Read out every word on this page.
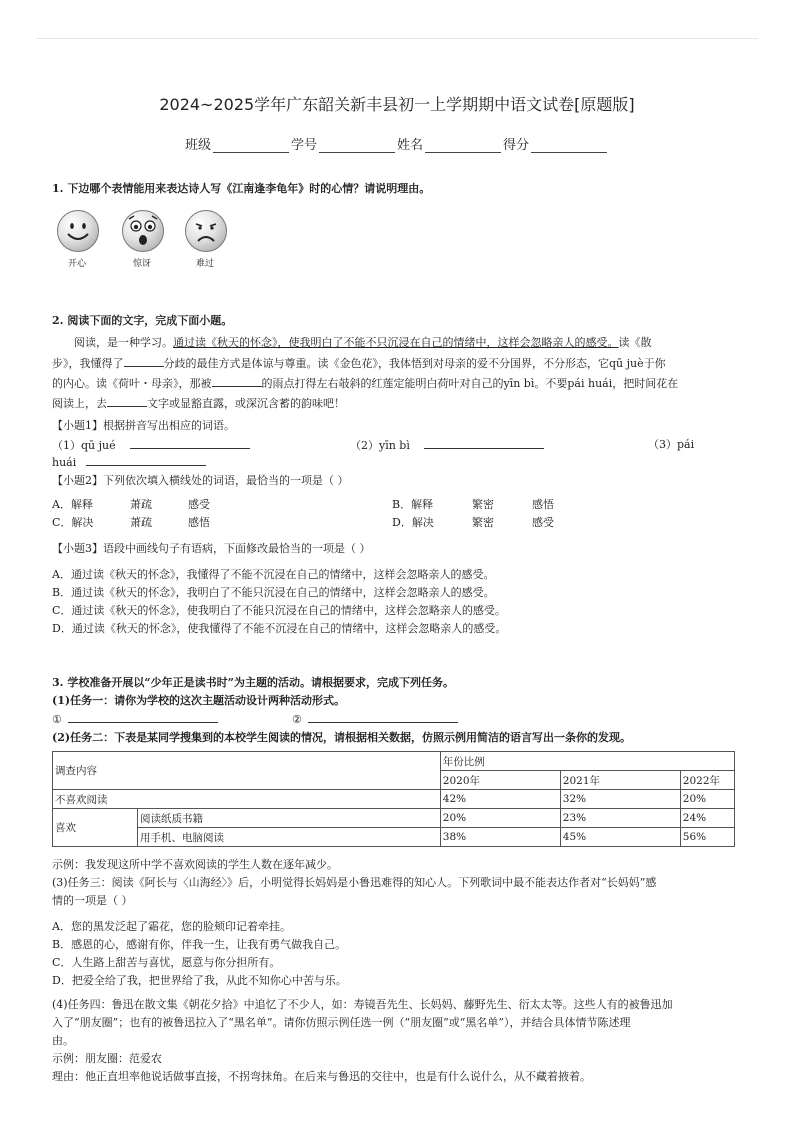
2024~2025学年广东韶关新丰县初一上学期期中语文试卷[原题版]
班级	学号	姓名	得分
1. 下边哪个表情能用来表达诗人写《江南逢李龟年》时的心情？请说明理由。
开心	惊讶	难过
2. 阅读下面的文字，完成下面小题。
阅读，是一种学习。通过读《秋天的怀念》，使我明白了不能不只沉浸在自己的情绪中，这样会忽略亲人的感受。读《散
步》，我懂得了	分歧的最佳方式是体谅与尊重。读《金色花》，我体悟到对母亲的爱不分国界，不分形态，它qū juè于你
的内心。读《荷叶・母亲》，那被	的雨点打得左右攲斜的红莲定能明白荷叶对自己的yīn bì。不要pái huái，把时间花在
阅读上，去	文字或显豁直露，或深沉含蓄的韵味吧！
【小题1】根据拼音写出相应的词语。
（1）qū jué	（2）yīn bì	（3）pái
huái
【小题2】下列依次填入横线处的词语，最恰当的一项是（ ）
A．解释	萧疏	感受	B．解释	繁密	感悟
C．解决	萧疏	感悟	D．解决	繁密	感受
【小题3】语段中画线句子有语病，下面修改最恰当的一项是（ ）
A．通过读《秋天的怀念》，我懂得了不能不沉浸在自己的情绪中，这样会忽略亲人的感受。
B．通过读《秋天的怀念》，我明白了不能只沉浸在自己的情绪中，这样会忽略亲人的感受。
C．通过读《秋天的怀念》，使我明白了不能只沉浸在自己的情绪中，这样会忽略亲人的感受。
D．通过读《秋天的怀念》，使我懂得了不能不沉浸在自己的情绪中，这样会忽略亲人的感受。
3. 学校准备开展以“少年正是读书时”为主题的活动。请根据要求，完成下列任务。
(1)任务一：请你为学校的这次主题活动设计两种活动形式。
①	②
(2)任务二：下表是某同学搜集到的本校学生阅读的情况，请根据相关数据，仿照示例用简洁的语言写出一条你的发现。
调查内容		年份比例		
		2020年	2021年	2022年
不喜欢阅读		42%	32%	20%
喜欢	阅读纸质书籍	20%	23%	24%
	用手机、电脑阅读	38%	45%	56%
示例：我发现这所中学不喜欢阅读的学生人数在逐年减少。
(3)任务三：阅读《阿长与〈山海经〉》后，小明觉得长妈妈是小鲁迅难得的知心人。下列歌词中最不能表达作者对“长妈妈”感
情的一项是（ ）
A．您的黑发泛起了霜花，您的脸颊印记着牵挂。
B．感恩的心，感谢有你，伴我一生，让我有勇气做我自己。
C．人生路上甜苦与喜忧，愿意与你分担所有。
D．把爱全给了我，把世界给了我，从此不知你心中苦与乐。
(4)任务四：鲁迅在散文集《朝花夕拾》中追忆了不少人，如：寿镜吾先生、长妈妈、藤野先生、衍太太等。这些人有的被鲁迅加
入了“朋友圈”；也有的被鲁迅拉入了“黑名单”。请你仿照示例任选一例（“朋友圈”或“黑名单”），并结合具体情节陈述理
由。
示例：朋友圈：范爱农
理由：他正直坦率他说话做事直接，不拐弯抹角。在后来与鲁迅的交往中，也是有什么说什么，从不藏着掖着。
